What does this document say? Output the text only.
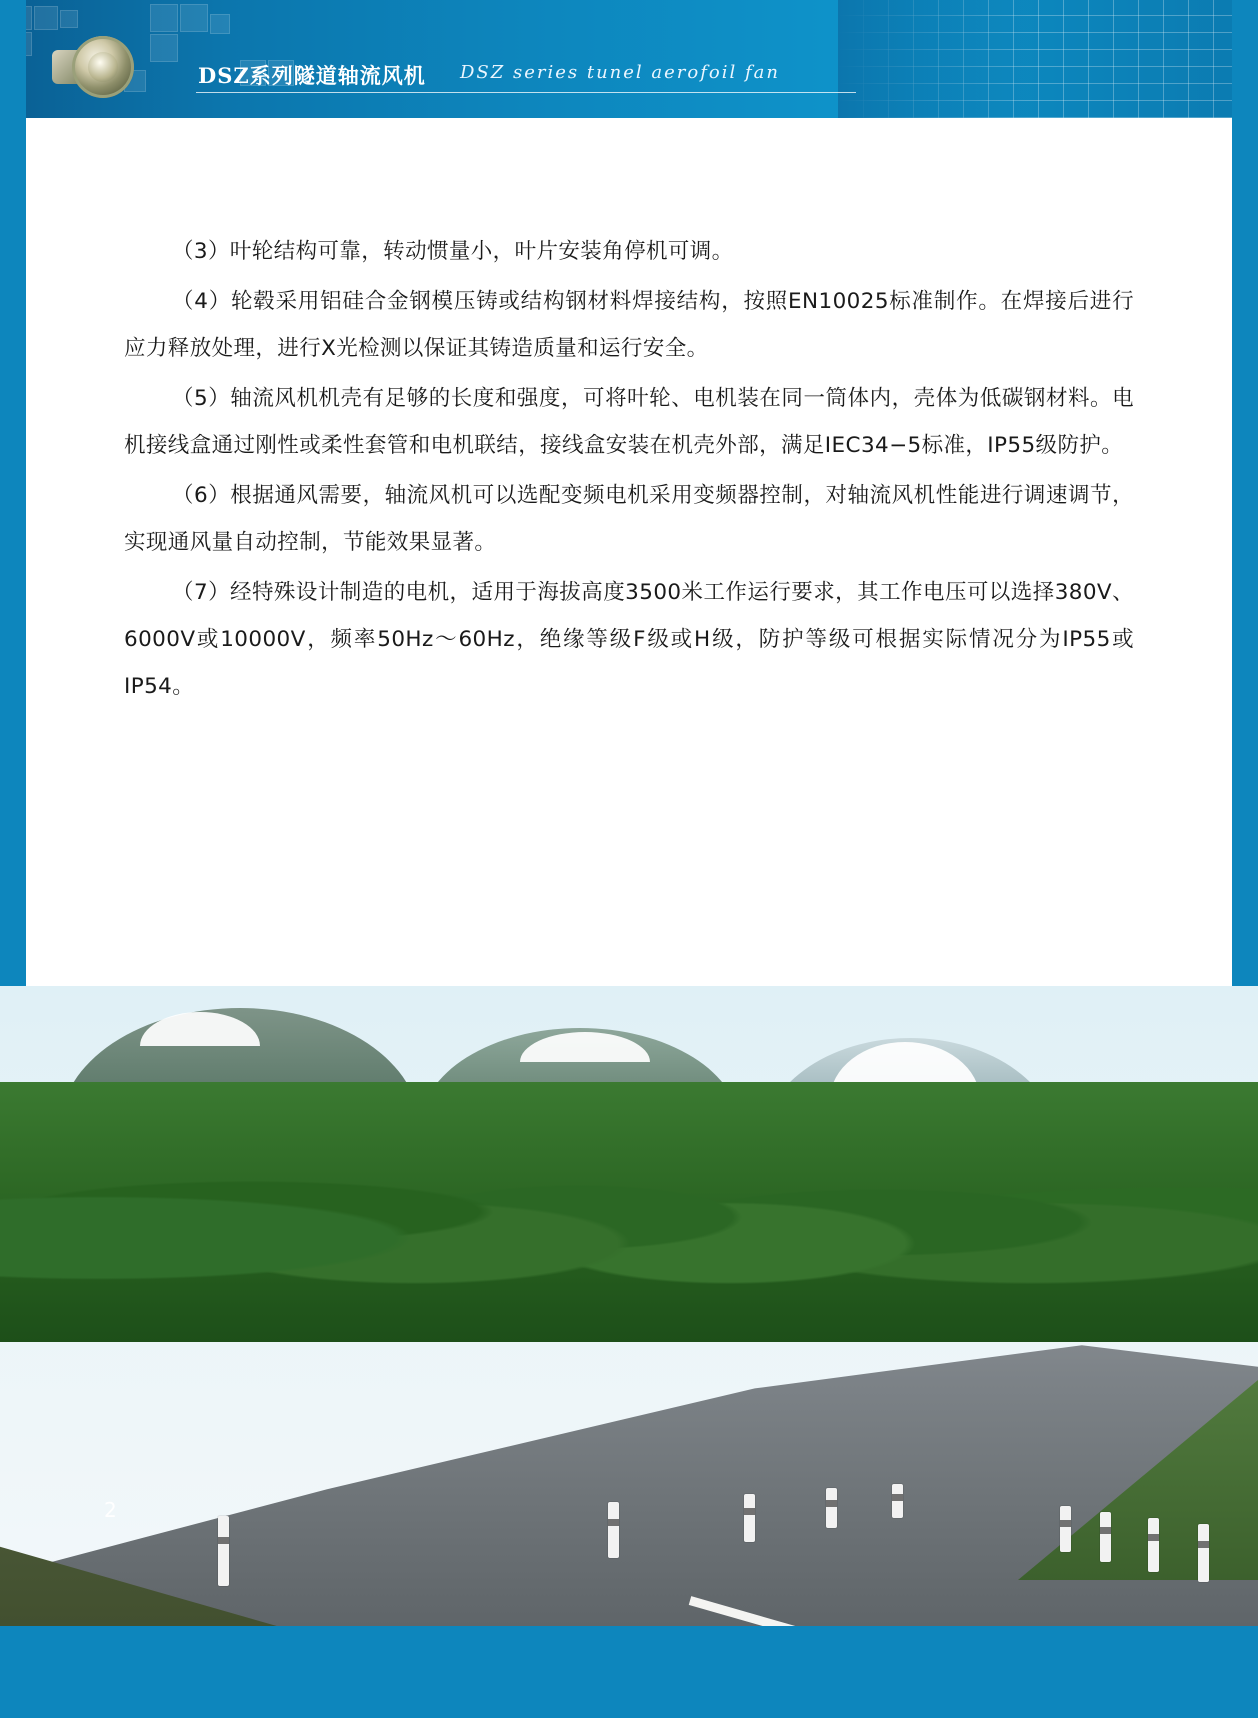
DSZ系列隧道轴流风机 DSZ series tunel aerofoil fan

（3）叶轮结构可靠，转动惯量小，叶片安装角停机可调。

（4）轮毂采用铝硅合金钢模压铸或结构钢材料焊接结构，按照EN10025标准制作。在焊接后进行应力释放处理，进行X光检测以保证其铸造质量和运行安全。

（5）轴流风机机壳有足够的长度和强度，可将叶轮、电机装在同一筒体内，壳体为低碳钢材料。电机接线盒通过刚性或柔性套管和电机联结，接线盒安装在机壳外部，满足IEC34−5标准，IP55级防护。

（6）根据通风需要，轴流风机可以选配变频电机采用变频器控制，对轴流风机性能进行调速调节，实现通风量自动控制，节能效果显著。

（7）经特殊设计制造的电机，适用于海拔高度3500米工作运行要求，其工作电压可以选择380V、6000V或10000V，频率50Hz～60Hz，绝缘等级F级或H级，防护等级可根据实际情况分为IP55或IP54。

2
